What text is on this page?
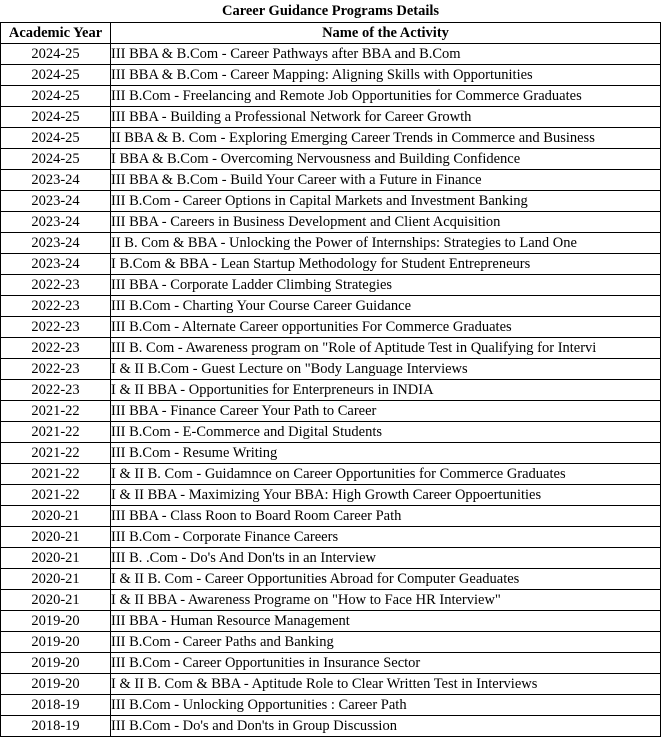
Career Guidance Programs Details
Academic Year	Name of the Activity
2024-25	III BBA & B.Com - Career Pathways after BBA and B.Com
2024-25	III BBA & B.Com - Career Mapping: Aligning Skills with Opportunities
2024-25	III B.Com - Freelancing and Remote Job Opportunities for Commerce Graduates
2024-25	III BBA - Building a Professional Network for Career Growth
2024-25	II BBA & B. Com - Exploring Emerging Career Trends in Commerce and Business
2024-25	I BBA & B.Com - Overcoming Nervousness and Building Confidence
2023-24	III BBA & B.Com - Build Your Career with a Future in Finance
2023-24	III B.Com - Career Options in Capital Markets and Investment Banking
2023-24	III BBA - Careers in Business Development and Client Acquisition
2023-24	II B. Com & BBA - Unlocking the Power of Internships: Strategies to Land One
2023-24	I B.Com & BBA - Lean Startup Methodology for Student Entrepreneurs
2022-23	III BBA - Corporate Ladder Climbing Strategies
2022-23	III B.Com - Charting Your Course Career Guidance
2022-23	III B.Com - Alternate Career opportunities For Commerce Graduates
2022-23	III B. Com - Awareness program on "Role of Aptitude Test in Qualifying for Intervi
2022-23	I & II B.Com - Guest Lecture on "Body Language Interviews
2022-23	I & II BBA - Opportunities for Enterpreneurs in INDIA
2021-22	III BBA - Finance Career Your Path to Career
2021-22	III B.Com - E-Commerce and Digital Students
2021-22	III B.Com - Resume Writing
2021-22	I & II B. Com - Guidamnce on Career Opportunities for Commerce Graduates
2021-22	I & II BBA - Maximizing Your BBA: High Growth Career Oppoertunities
2020-21	III BBA - Class Roon to Board Room Career Path
2020-21	III B.Com - Corporate Finance Careers
2020-21	III B. .Com - Do's And Don'ts in an Interview
2020-21	I & II B. Com - Career Opportunities Abroad for Computer Geaduates
2020-21	I & II BBA - Awareness Programe on "How to Face HR Interview"
2019-20	III BBA - Human Resource Management
2019-20	III B.Com - Career Paths and Banking
2019-20	III B.Com - Career Opportunities in Insurance Sector
2019-20	I & II B. Com & BBA - Aptitude Role to Clear Written Test in Interviews
2018-19	III B.Com - Unlocking Opportunities : Career Path
2018-19	III B.Com - Do's and Don'ts in Group Discussion
